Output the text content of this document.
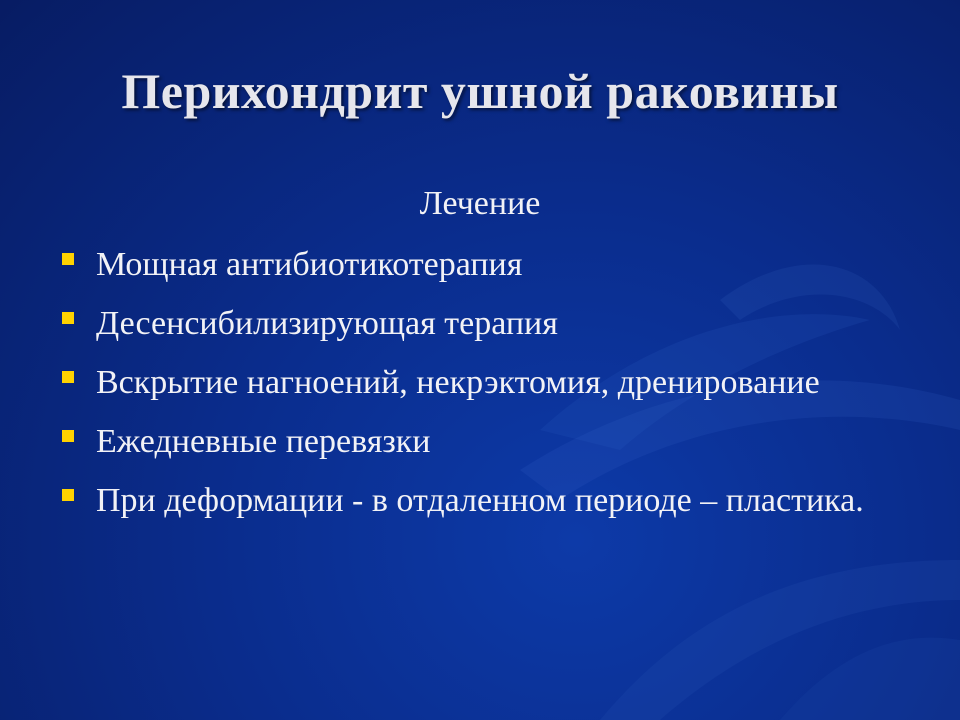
Перихондрит ушной раковины
Лечение
Мощная антибиотикотерапия
Десенсибилизирующая терапия
Вскрытие нагноений, некрэктомия, дренирование
Ежедневные перевязки
При деформации - в отдаленном периоде – пластика.
